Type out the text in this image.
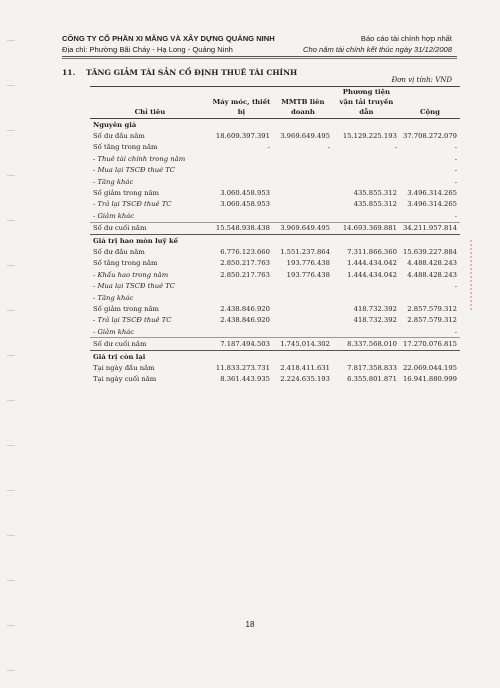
CÔNG TY CỔ PHẦN XI MĂNG VÀ XÂY DỰNG QUẢNG NINH
Địa chỉ: Phường Bãi Cháy - Hạ Long - Quảng Ninh
Báo cáo tài chính hợp nhất
Cho năm tài chính kết thúc ngày 31/12/2008
11. TĂNG GIẢM TÀI SẢN CỐ ĐỊNH THUÊ TÀI CHÍNH
Đơn vị tính: VND
Chỉ tiêu	Máy móc, thiết bị	MMTB liên doanh	Phương tiện vận tải truyền dẫn	Cộng
Nguyên giá				
Số dư đầu năm	18.609.397.391	3.969.649.495	15.129.225.193	37.708.272.079
Số tăng trong năm	-	-	-	-
- Thuê tài chính trong năm				-
- Mua lại TSCĐ thuê TC				-
- Tăng khác				-
Số giảm trong năm	3.060.458.953		435.855.312	3.496.314.265
- Trả lại TSCĐ thuê TC	3.060.458.953		435.855.312	3.496.314.265
- Giảm khác				-
Số dư cuối năm	15.548.938.438	3.969.649.495	14.693.369.881	34.211.957.814
Giá trị hao mòn luỹ kế				
Số dư đầu năm	6.776.123.660	1.551.237.864	7.311.866.360	15.639.227.884
Số tăng trong năm	2.850.217.763	193.776.438	1.444.434.042	4.488.428.243
- Khấu hao trong năm	2.850.217.763	193.776.438	1.444.434.042	4.488.428.243
- Mua lại TSCĐ thuê TC				-
- Tăng khác				
Số giảm trong năm	2.438.846.920		418.732.392	2.857.579.312
- Trả lại TSCĐ thuê TC	2.438.846.920		418.732.392	2.857.579.312
- Giảm khác				-
Số dư cuối năm	7.187.494.503	1.745.014.302	8.337.568.010	17.270.076.815
Giá trị còn lại				
Tại ngày đầu năm	11.833.273.731	2.418.411.631	7.817.358.833	22.069.044.195
Tại ngày cuối năm	8.361.443.935	2.224.635.193	6.355.801.871	16.941.880.999
18
